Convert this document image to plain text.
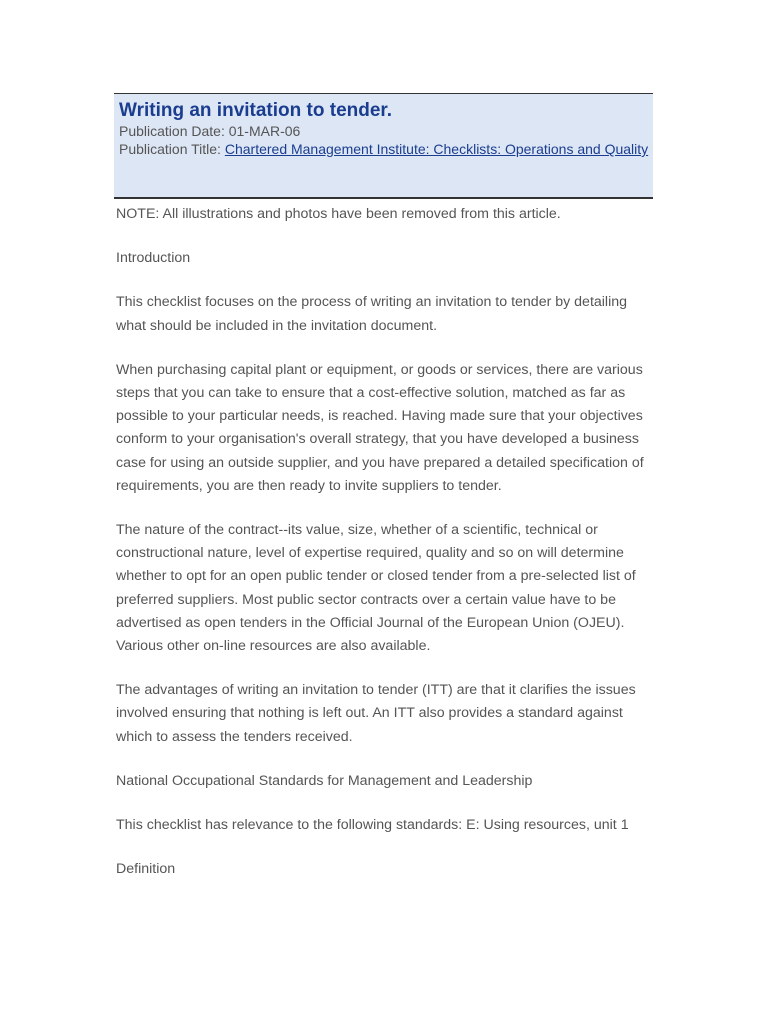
Writing an invitation to tender.

Publication Date: 01-MAR-06

Publication Title: Chartered Management Institute: Checklists: Operations and Quality

NOTE: All illustrations and photos have been removed from this article.

Introduction

This checklist focuses on the process of writing an invitation to tender by detailing what should be included in the invitation document.

When purchasing capital plant or equipment, or goods or services, there are various steps that you can take to ensure that a cost-effective solution, matched as far as possible to your particular needs, is reached. Having made sure that your objectives conform to your organisation's overall strategy, that you have developed a business case for using an outside supplier, and you have prepared a detailed specification of requirements, you are then ready to invite suppliers to tender.

The nature of the contract--its value, size, whether of a scientific, technical or constructional nature, level of expertise required, quality and so on will determine whether to opt for an open public tender or closed tender from a pre-selected list of preferred suppliers. Most public sector contracts over a certain value have to be advertised as open tenders in the Official Journal of the European Union (OJEU). Various other on-line resources are also available.

The advantages of writing an invitation to tender (ITT) are that it clarifies the issues involved ensuring that nothing is left out. An ITT also provides a standard against which to assess the tenders received.

National Occupational Standards for Management and Leadership

This checklist has relevance to the following standards: E: Using resources, unit 1

Definition
